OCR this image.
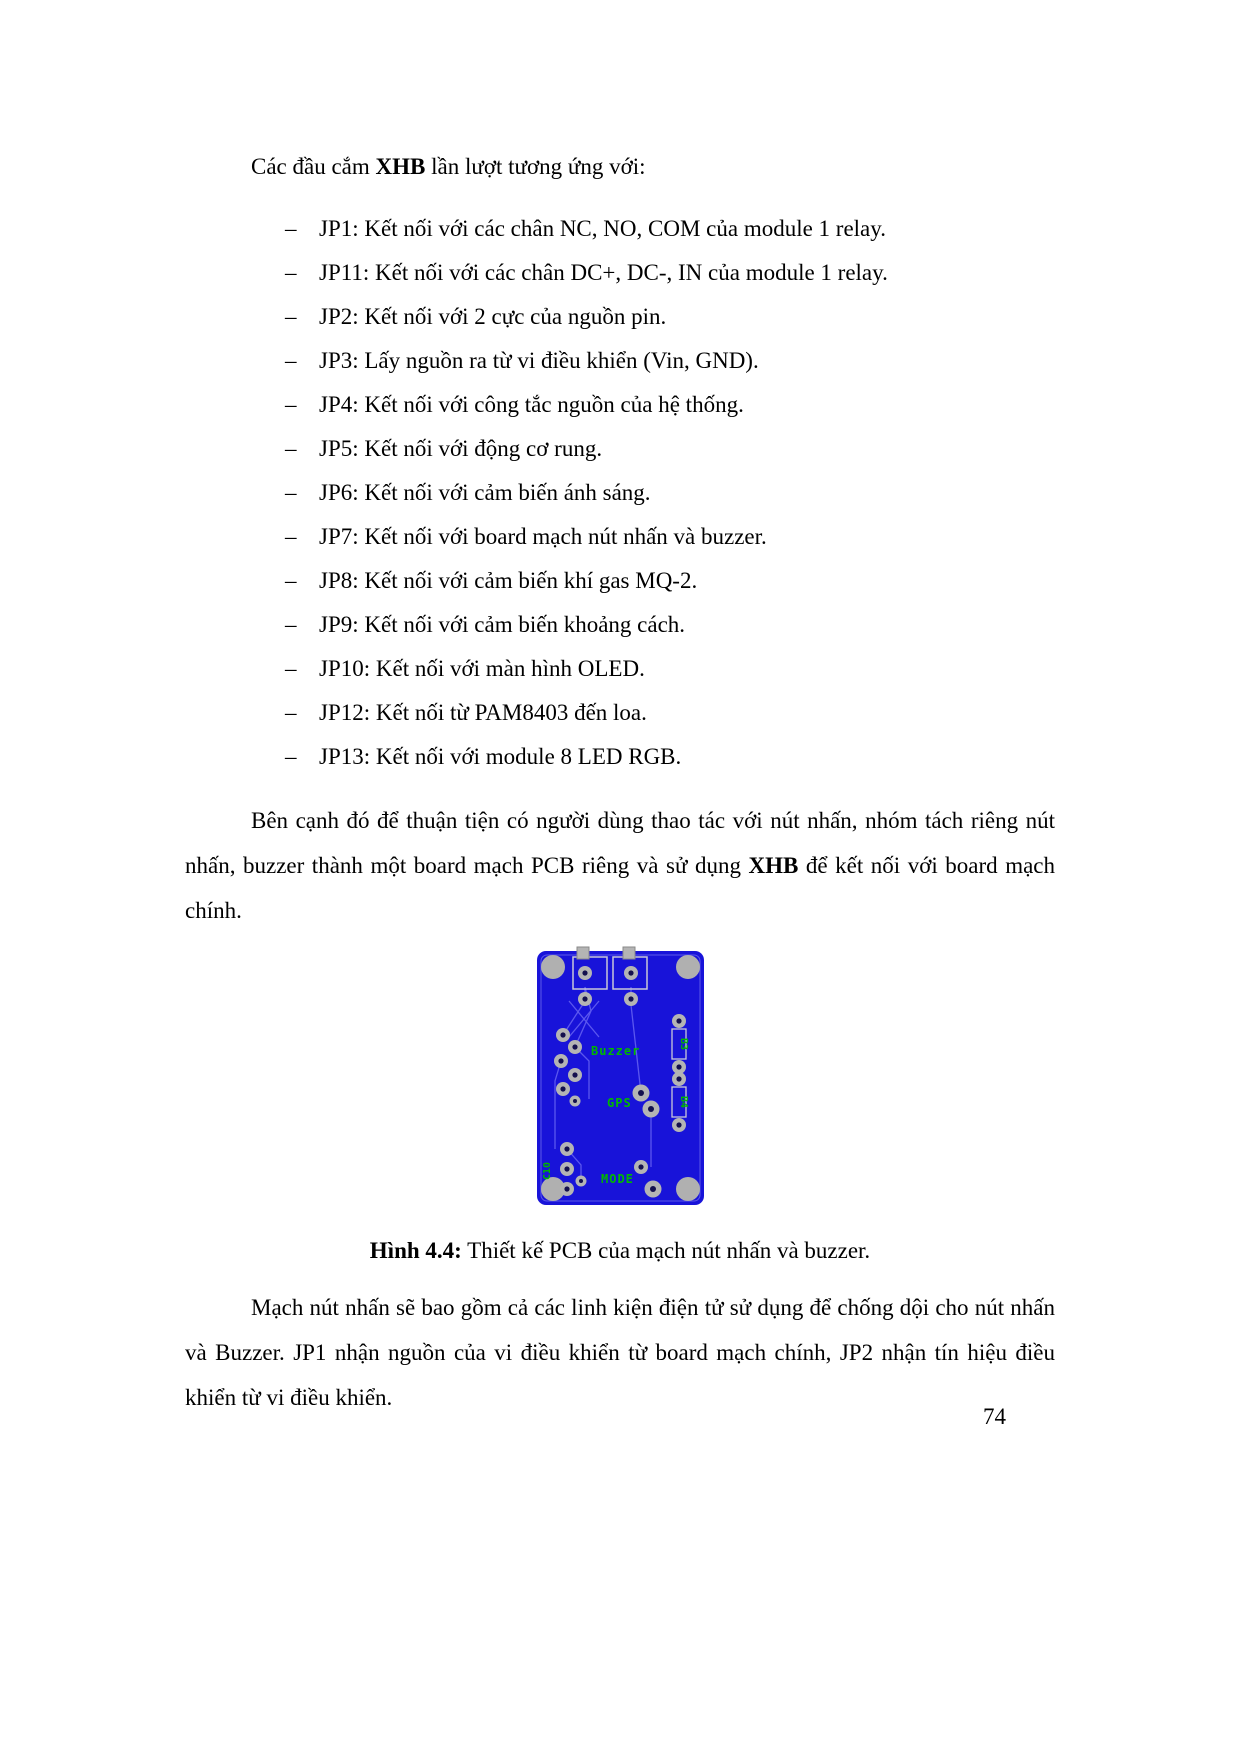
Các đầu cắm XHB lần lượt tương ứng với:

– JP1: Kết nối với các chân NC, NO, COM của module 1 relay.
– JP11: Kết nối với các chân DC+, DC-, IN của module 1 relay.
– JP2: Kết nối với 2 cực của nguồn pin.
– JP3: Lấy nguồn ra từ vi điều khiển (Vin, GND).
– JP4: Kết nối với công tắc nguồn của hệ thống.
– JP5: Kết nối với động cơ rung.
– JP6: Kết nối với cảm biến ánh sáng.
– JP7: Kết nối với board mạch nút nhấn và buzzer.
– JP8: Kết nối với cảm biến khí gas MQ-2.
– JP9: Kết nối với cảm biến khoảng cách.
– JP10: Kết nối với màn hình OLED.
– JP12: Kết nối từ PAM8403 đến loa.
– JP13: Kết nối với module 8 LED RGB.

Bên cạnh đó để thuận tiện có người dùng thao tác với nút nhấn, nhóm tách riêng nút nhấn, buzzer thành một board mạch PCB riêng và sử dụng XHB để kết nối với board mạch chính.

Buzzer
GPS
MODE
B3
B4
C10

Hình 4.4: Thiết kế PCB của mạch nút nhấn và buzzer.

Mạch nút nhấn sẽ bao gồm cả các linh kiện điện tử sử dụng để chống dội cho nút nhấn và Buzzer. JP1 nhận nguồn của vi điều khiển từ board mạch chính, JP2 nhận tín hiệu điều khiển từ vi điều khiển.

74
